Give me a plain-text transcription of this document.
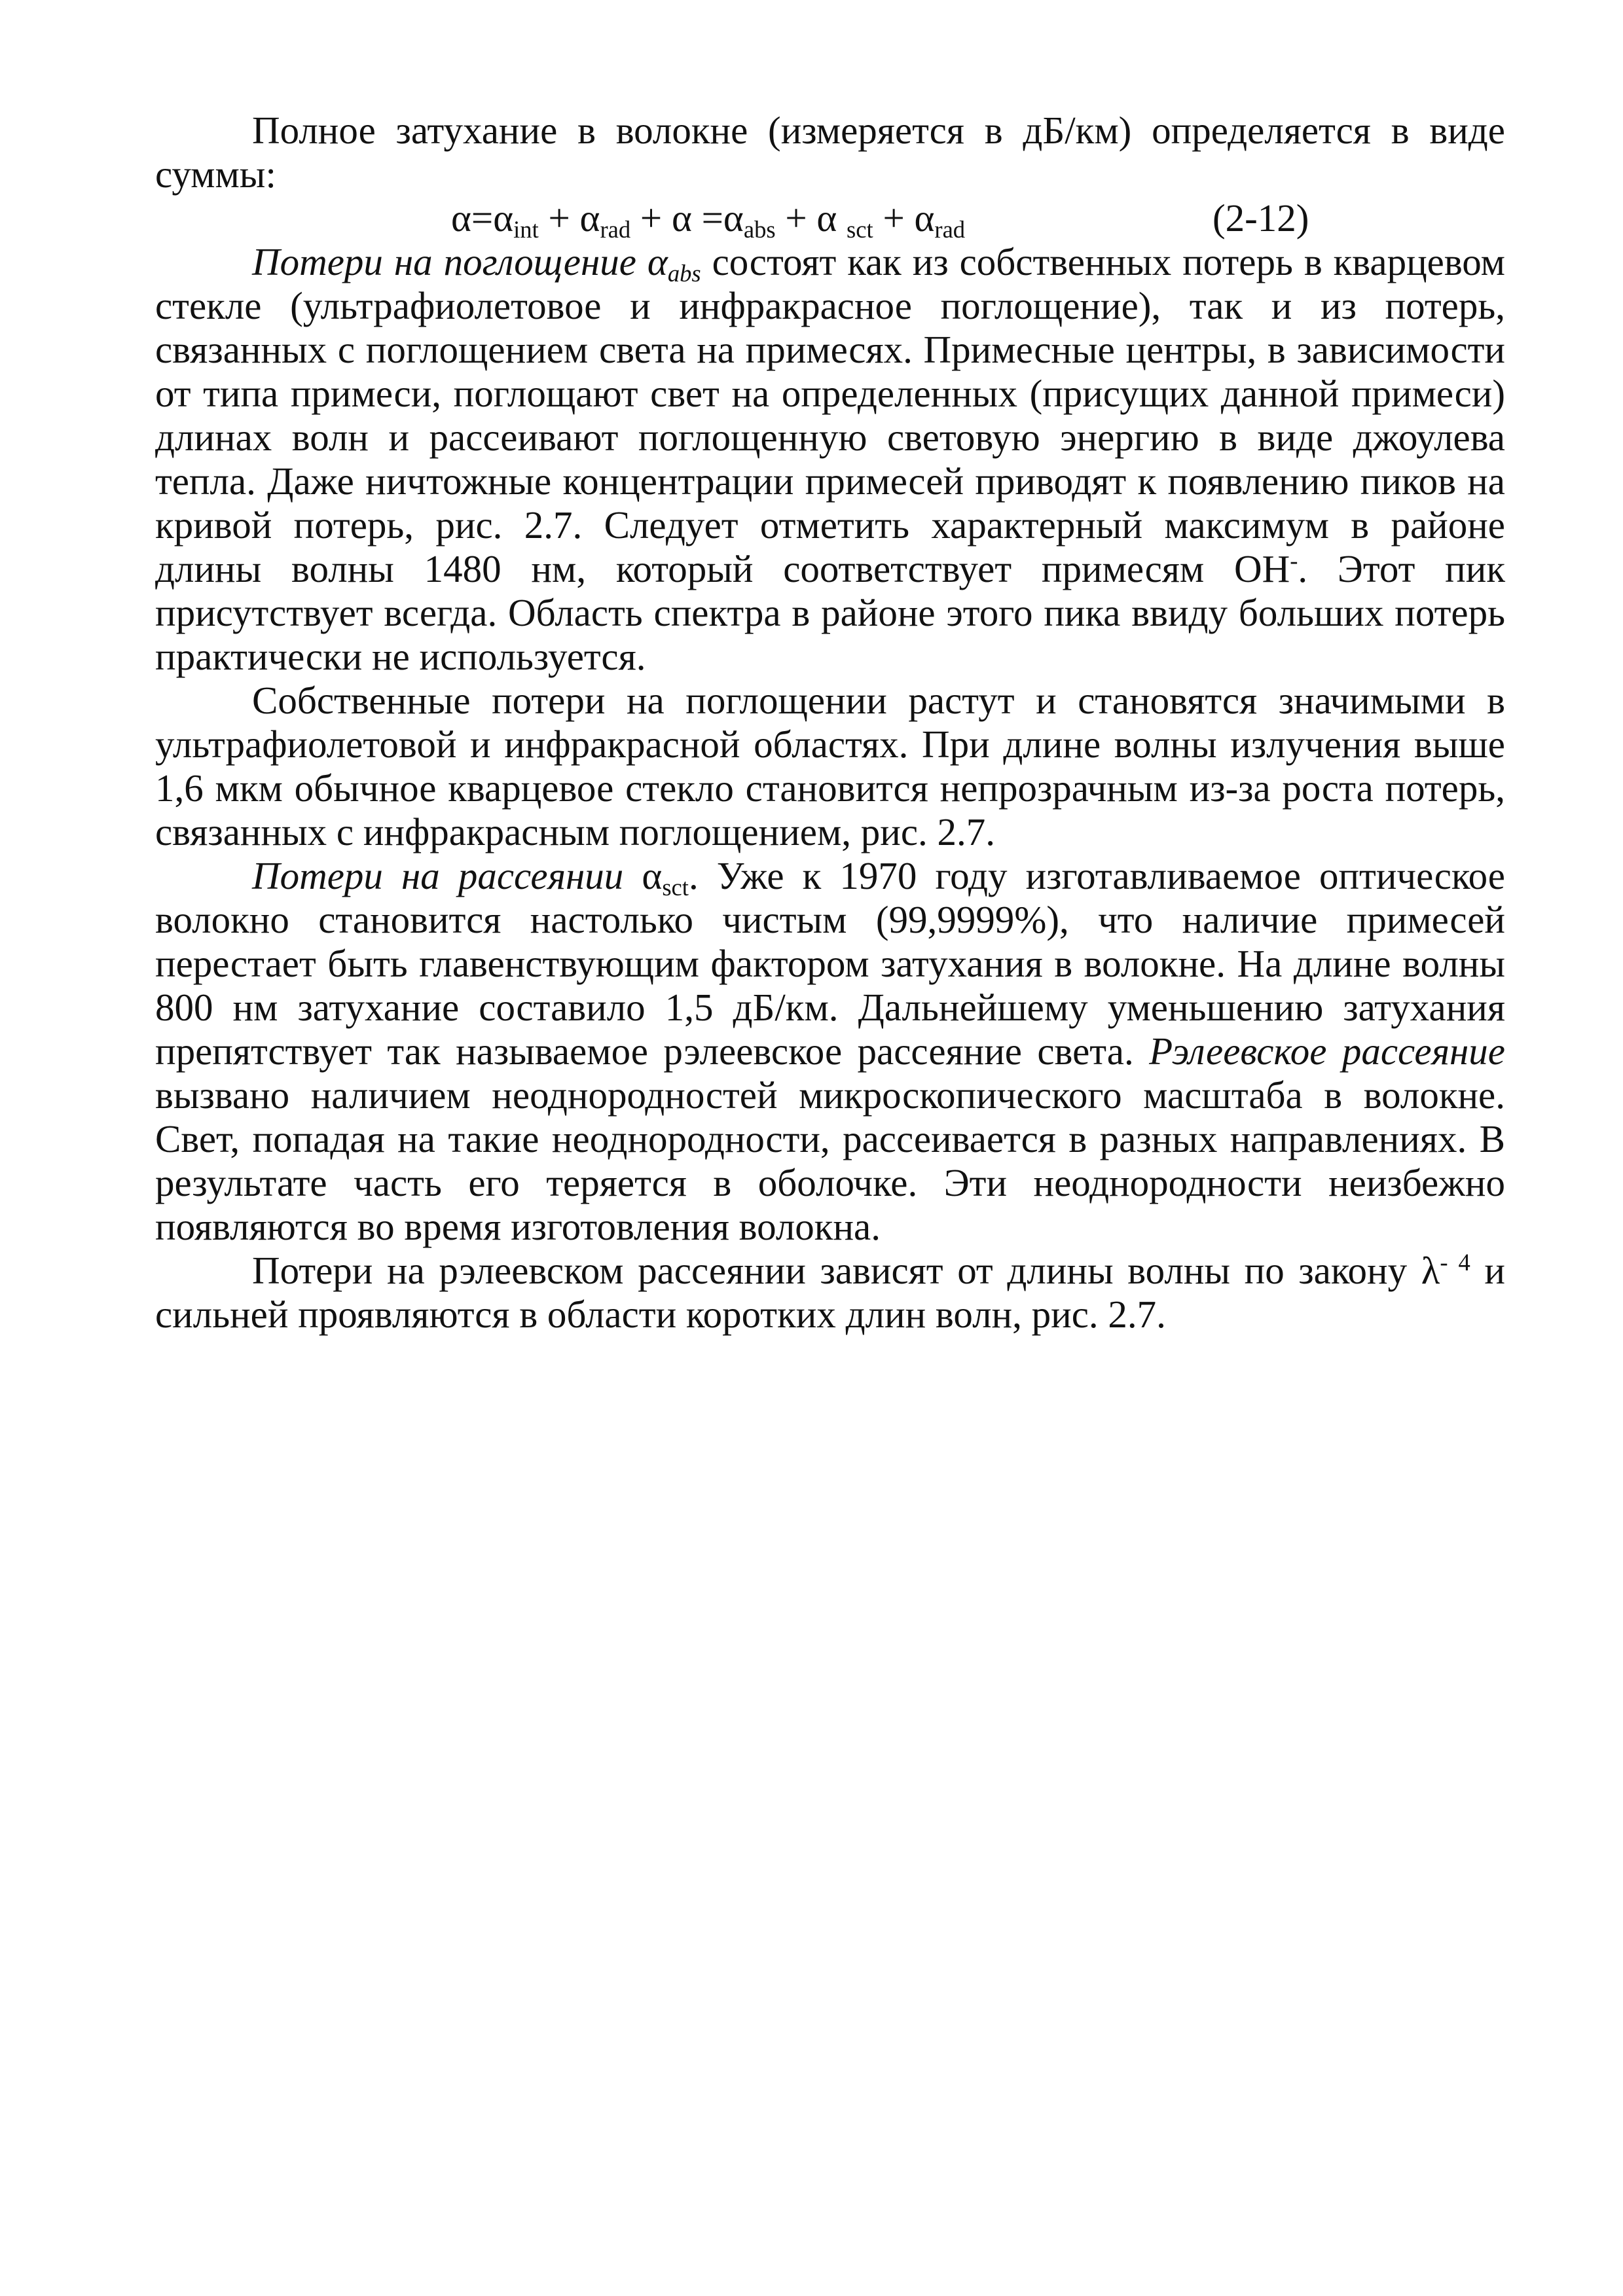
Полное затухание в волокне (измеряется в дБ/км) определяется в виде суммы:

$\alpha=\alpha_{int} + \alpha_{rad} + \alpha =\alpha_{abs} + \alpha$ $_{sct} + \alpha_{rad}$	(2-12)

Потери на поглощение $\alpha_{abs}$ состоят как из собственных потерь в кварцевом стекле (ультрафиолетовое и инфракрасное поглощение), так и из потерь, связанных с поглощением света на примесях. Примесные центры, в зависимости от типа примеси, поглощают свет на определенных (присущих данной примеси) длинах волн и рассеивают поглощенную световую энергию в виде джоулева тепла. Даже ничтожные концентрации примесей приводят к появлению пиков на кривой потерь, рис. 2.7. Следует отметить характерный максимум в районе длины волны 1480 нм, который соответствует примесям OH-. Этот пик присутствует всегда. Область спектра в районе этого пика ввиду больших потерь практически не используется.

Собственные потери на поглощении растут и становятся значимыми в ультрафиолетовой и инфракрасной областях. При длине волны излучения выше 1,6 мкм обычное кварцевое стекло становится непрозрачным из-за роста потерь, связанных с инфракрасным поглощением, рис. 2.7.

Потери на рассеянии $\alpha_{sct}$. Уже к 1970 году изготавливаемое оптическое волокно становится настолько чистым (99,9999%), что наличие примесей перестает быть главенствующим фактором затухания в волокне. На длине волны 800 нм затухание составило 1,5 дБ/км. Дальнейшему уменьшению затухания препятствует так называемое рэлеевское рассеяние света. Рэлеевское рассеяние вызвано наличием неоднородностей микроскопического масштаба в волокне. Свет, попадая на такие неоднородности, рассеивается в разных направлениях. В результате часть его теряется в оболочке. Эти неоднородности неизбежно появляются во время изготовления волокна.

Потери на рэлеевском рассеянии зависят от длины волны по закону $\lambda^{- 4}$ и сильней проявляются в области коротких длин волн, рис. 2.7.
